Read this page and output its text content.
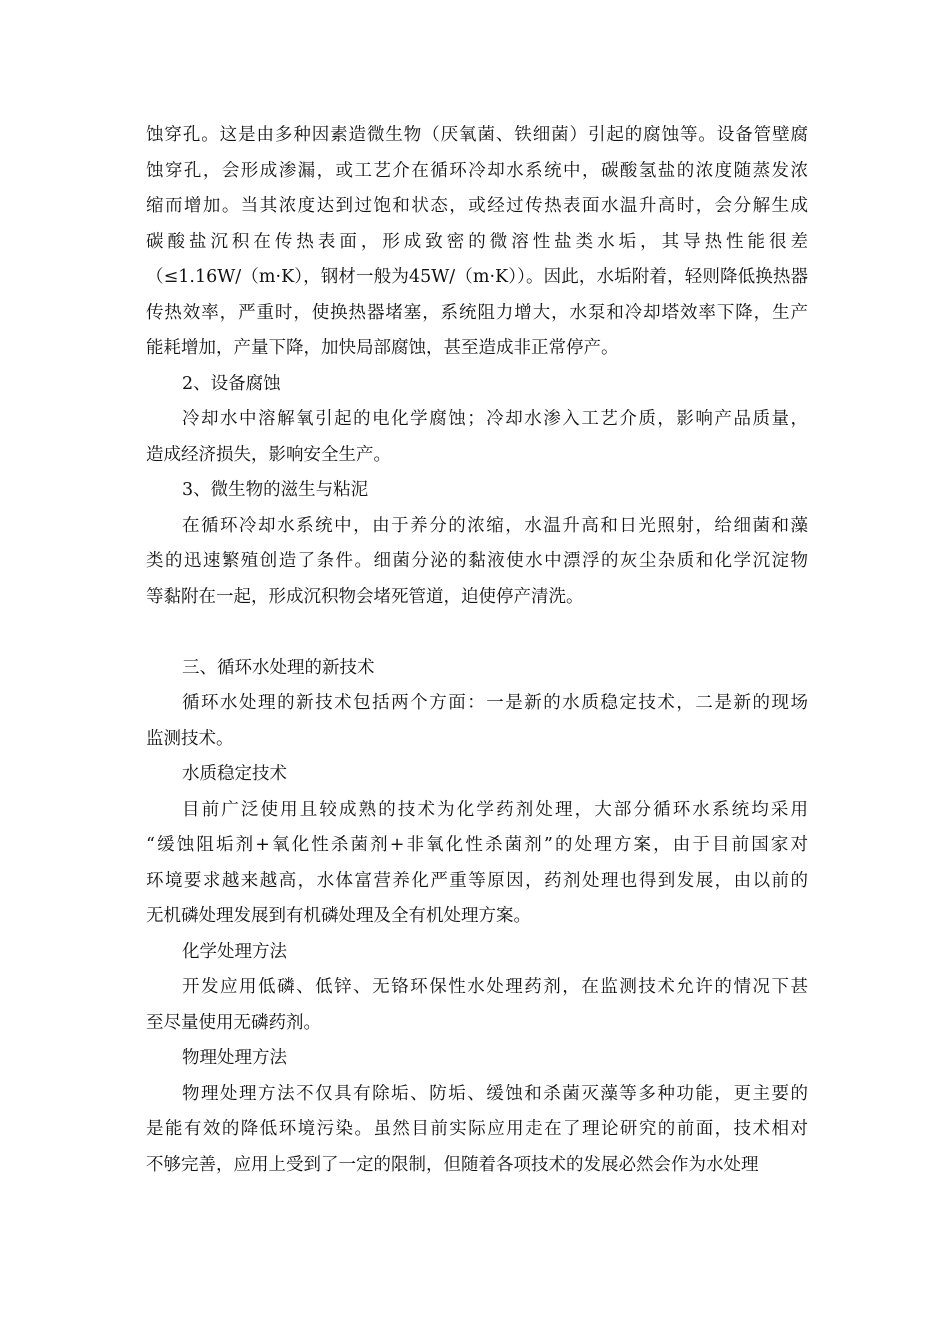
蚀穿孔。这是由多种因素造微生物（厌氧菌、铁细菌）引起的腐蚀等。设备管壁腐
蚀穿孔，会形成渗漏，或工艺介在循环冷却水系统中，碳酸氢盐的浓度随蒸发浓
缩而增加。当其浓度达到过饱和状态，或经过传热表面水温升高时，会分解生成
碳酸盐沉积在传热表面，形成致密的微溶性盐类水垢，其导热性能很差
（≤1.16W/（m·K），钢材一般为45W/（m·K））。因此，水垢附着，轻则降低换热器
传热效率，严重时，使换热器堵塞，系统阻力增大，水泵和冷却塔效率下降，生产
能耗增加，产量下降，加快局部腐蚀，甚至造成非正常停产。
2、设备腐蚀
冷却水中溶解氧引起的电化学腐蚀；冷却水渗入工艺介质，影响产品质量，
造成经济损失，影响安全生产。
3、微生物的滋生与粘泥
在循环冷却水系统中，由于养分的浓缩，水温升高和日光照射，给细菌和藻
类的迅速繁殖创造了条件。细菌分泌的黏液使水中漂浮的灰尘杂质和化学沉淀物
等黏附在一起，形成沉积物会堵死管道，迫使停产清洗。
三、循环水处理的新技术
循环水处理的新技术包括两个方面：一是新的水质稳定技术，二是新的现场
监测技术。
水质稳定技术
目前广泛使用且较成熟的技术为化学药剂处理，大部分循环水系统均采用
“缓蚀阻垢剂+氧化性杀菌剂+非氧化性杀菌剂”的处理方案，由于目前国家对
环境要求越来越高，水体富营养化严重等原因，药剂处理也得到发展，由以前的
无机磷处理发展到有机磷处理及全有机处理方案。
化学处理方法
开发应用低磷、低锌、无铬环保性水处理药剂，在监测技术允许的情况下甚
至尽量使用无磷药剂。
物理处理方法
物理处理方法不仅具有除垢、防垢、缓蚀和杀菌灭藻等多种功能，更主要的
是能有效的降低环境污染。虽然目前实际应用走在了理论研究的前面，技术相对
不够完善，应用上受到了一定的限制，但随着各项技术的发展必然会作为水处理
